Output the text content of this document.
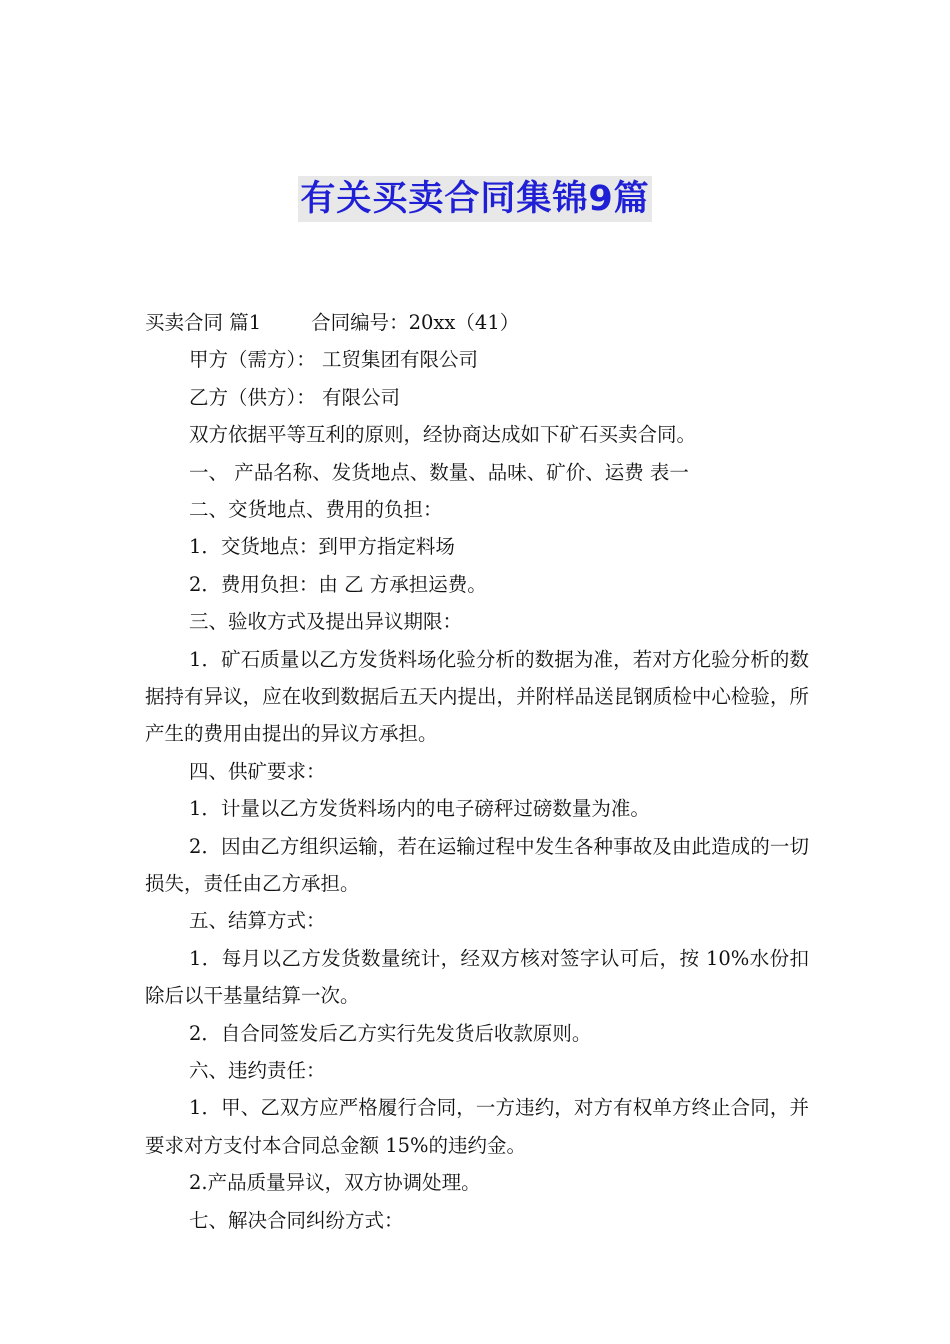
有关买卖合同集锦9篇
买卖合同 篇1	合同编号：20xx（41）
甲方（需方）： 工贸集团有限公司
乙方（供方）： 有限公司
双方依据平等互利的原则，经协商达成如下矿石买卖合同。
一、 产品名称、发货地点、数量、品味、矿价、运费 表一
二、交货地点、费用的负担：
1．交货地点：到甲方指定料场
2．费用负担：由 乙 方承担运费。
三、验收方式及提出异议期限：
1．矿石质量以乙方发货料场化验分析的数据为准，若对方化验分析的数据持有异议，应在收到数据后五天内提出，并附样品送昆钢质检中心检验，所产生的费用由提出的异议方承担。
四、供矿要求：
1．计量以乙方发货料场内的电子磅秤过磅数量为准。
2．因由乙方组织运输，若在运输过程中发生各种事故及由此造成的一切损失，责任由乙方承担。
五、结算方式：
1．每月以乙方发货数量统计，经双方核对签字认可后，按 10%水份扣除后以干基量结算一次。
2．自合同签发后乙方实行先发货后收款原则。
六、违约责任：
1．甲、乙双方应严格履行合同，一方违约，对方有权单方终止合同，并要求对方支付本合同总金额 15%的违约金。
2.产品质量异议，双方协调处理。
七、解决合同纠纷方式：
